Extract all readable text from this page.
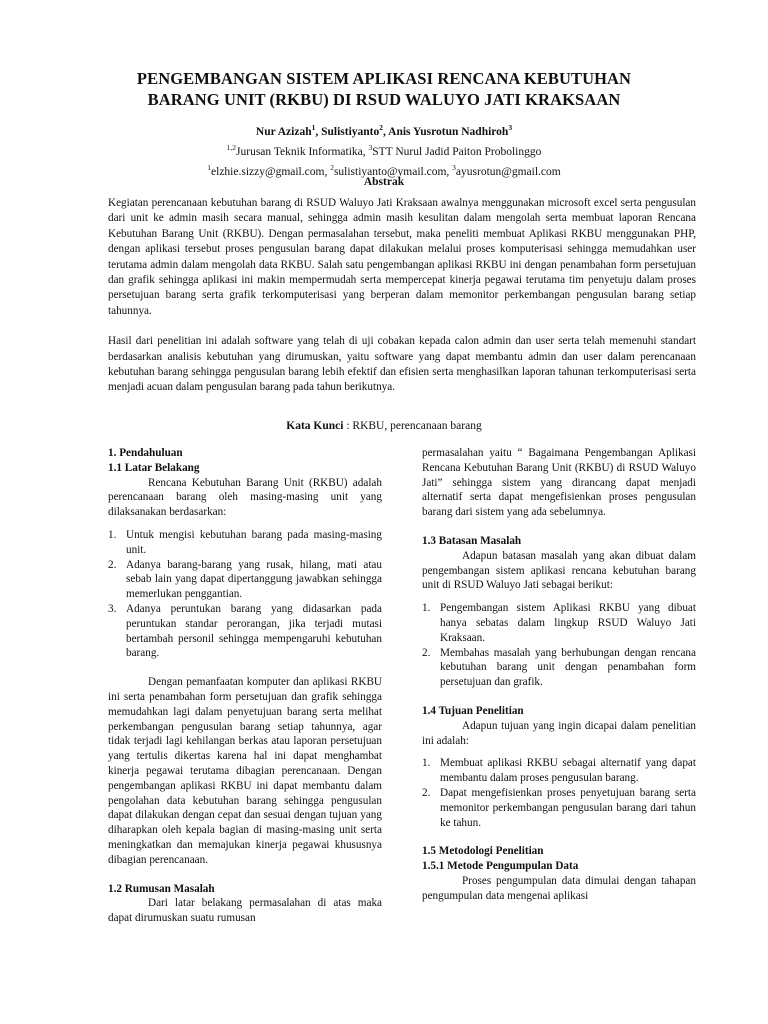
PENGEMBANGAN SISTEM APLIKASI RENCANA KEBUTUHAN BARANG UNIT (RKBU) DI RSUD WALUYO JATI KRAKSAAN
Nur Azizah$^1$, Sulistiyanto$^2$, Anis Yusrotun Nadhiroh$^3$
$^{1,2}$Jurusan Teknik Informatika, $^3$STT Nurul Jadid Paiton Probolinggo
$^1$elzhie.sizzy@gmail.com, $^2$sulistiyanto@ymail.com, $^3$ayusrotun@gmail.com
Abstrak

Kegiatan perencanaan kebutuhan barang di RSUD Waluyo Jati Kraksaan awalnya menggunakan microsoft excel serta pengusulan dari unit ke admin masih secara manual, sehingga admin masih kesulitan dalam mengolah serta membuat laporan Rencana Kebutuhan Barang Unit (RKBU). Dengan permasalahan tersebut, maka peneliti membuat Aplikasi RKBU menggunakan PHP, dengan aplikasi tersebut proses pengusulan barang dapat dilakukan melalui proses komputerisasi sehingga memudahkan user terutama admin dalam mengolah data RKBU. Salah satu pengembangan aplikasi RKBU ini dengan penambahan form persetujuan dan grafik sehingga aplikasi ini makin mempermudah serta mempercepat kinerja pegawai terutama tim penyetuju dalam proses persetujuan barang serta grafik terkomputerisasi yang berperan dalam memonitor perkembangan pengusulan barang setiap tahunnya.

Hasil dari penelitian ini adalah software yang telah di uji cobakan kepada calon admin dan user serta telah memenuhi standart berdasarkan analisis kebutuhan yang dirumuskan, yaitu software yang dapat membantu admin dan user dalam perencanaan kebutuhan barang sehingga pengusulan barang lebih efektif dan efisien serta menghasilkan laporan tahunan terkomputerisasi serta menjadi acuan dalam pengusulan barang pada tahun berikutnya.

Kata Kunci : RKBU, perencanaan barang

1. Pendahuluan

1.1 Latar Belakang

Rencana Kebutuhan Barang Unit (RKBU) adalah perencanaan barang oleh masing-masing unit yang dilaksanakan berdasarkan:

1. Untuk mengisi kebutuhan barang pada masing-masing unit.
2. Adanya barang-barang yang rusak, hilang, mati atau sebab lain yang dapat dipertanggung jawabkan sehingga memerlukan penggantian.
3. Adanya peruntukan barang yang didasarkan pada peruntukan standar perorangan, jika terjadi mutasi bertambah personil sehingga mempengaruhi kebutuhan barang.

Dengan pemanfaatan komputer dan aplikasi RKBU ini serta penambahan form persetujuan dan grafik sehingga memudahkan lagi dalam penyetujuan barang serta melihat perkembangan pengusulan barang setiap tahunnya, agar tidak terjadi lagi kehilangan berkas atau laporan persetujuan yang tertulis dikertas karena hal ini dapat menghambat kinerja pegawai terutama dibagian perencanaan. Dengan pengembangan aplikasi RKBU ini dapat membantu dalam pengolahan data kebutuhan barang sehingga pengusulan dapat dilakukan dengan cepat dan sesuai dengan tujuan yang diharapkan oleh kepala bagian di masing-masing unit serta meningkatkan dan memajukan kinerja pegawai khususnya dibagian perencanaan.

1.2 Rumusan Masalah

Dari latar belakang permasalahan di atas maka dapat dirumuskan suatu rumusan

permasalahan yaitu “ Bagaimana Pengembangan Aplikasi Rencana Kebutuhan Barang Unit (RKBU) di RSUD Waluyo Jati” sehingga sistem yang dirancang dapat menjadi alternatif serta dapat mengefisienkan proses pengusulan barang dari sistem yang ada sebelumnya.

1.3 Batasan Masalah

Adapun batasan masalah yang akan dibuat dalam pengembangan sistem aplikasi rencana kebutuhan barang unit di RSUD Waluyo Jati sebagai berikut:

1. Pengembangan sistem Aplikasi RKBU yang dibuat hanya sebatas dalam lingkup RSUD Waluyo Jati Kraksaan.
2. Membahas masalah yang berhubungan dengan rencana kebutuhan barang unit dengan penambahan form persetujuan dan grafik.

1.4 Tujuan Penelitian

Adapun tujuan yang ingin dicapai dalam penelitian ini adalah:

1. Membuat aplikasi RKBU sebagai alternatif yang dapat membantu dalam proses pengusulan barang.
2. Dapat mengefisienkan proses penyetujuan barang serta memonitor perkembangan pengusulan barang dari tahun ke tahun.

1.5 Metodologi Penelitian

1.5.1 Metode Pengumpulan Data

Proses pengumpulan data dimulai dengan tahapan pengumpulan data mengenai aplikasi
